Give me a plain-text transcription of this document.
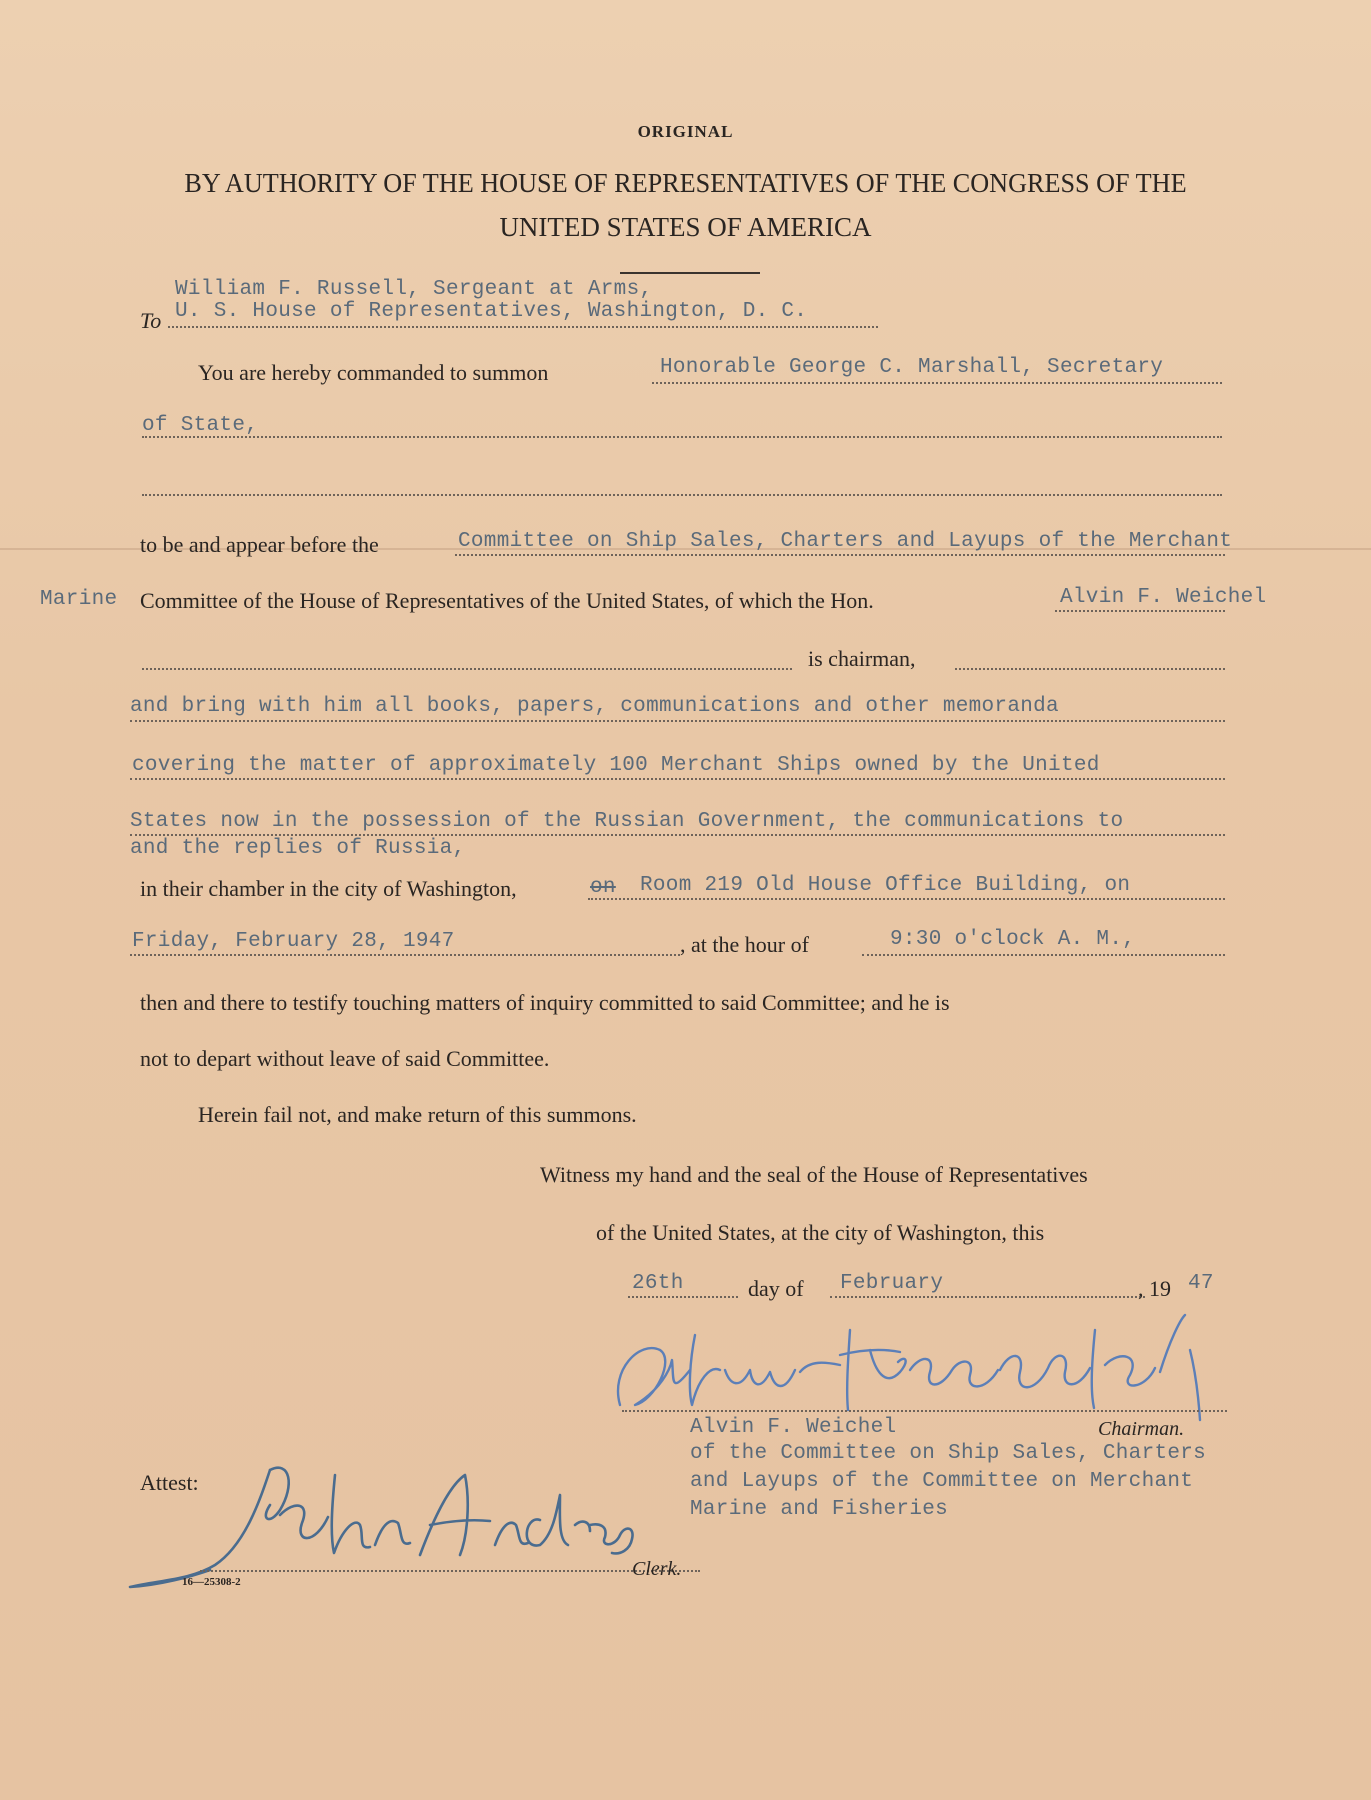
ORIGINAL
BY AUTHORITY OF THE HOUSE OF REPRESENTATIVES OF THE CONGRESS OF THE
UNITED STATES OF AMERICA
William F. Russell, Sergeant at Arms,
To U. S. House of Representatives, Washington, D. C.
You are hereby commanded to summon	Honorable George C. Marshall, Secretary
of State,
to be and appear before the	Committee on Ship Sales, Charters and Layups of the Merchant
Marine Committee of the House of Representatives of the United States, of which the Hon.	Alvin F. Weichel
is chairman,
and bring with him all books, papers, communications and other memoranda
covering the matter of approximately 100 Merchant Ships owned by the United
States now in the possession of the Russian Government, the communications to
and the replies of Russia,
in their chamber in the city of Washington,	on Room 219 Old House Office Building, on
Friday, February 28, 1947	, at the hour of	9:30 o'clock A. M.,
then and there to testify touching matters of inquiry committed to said Committee; and he is
not to depart without leave of said Committee.
Herein fail not, and make return of this summons.
Witness my hand and the seal of the House of Representatives
of the United States, at the city of Washington, this
26th	day of February	, 19 47
Alvin F. Weichel	Chairman.
of the Committee on Ship Sales, Charters
and Layups of the Committee on Merchant
Marine and Fisheries
Attest:
Clerk.
16—25308-2
